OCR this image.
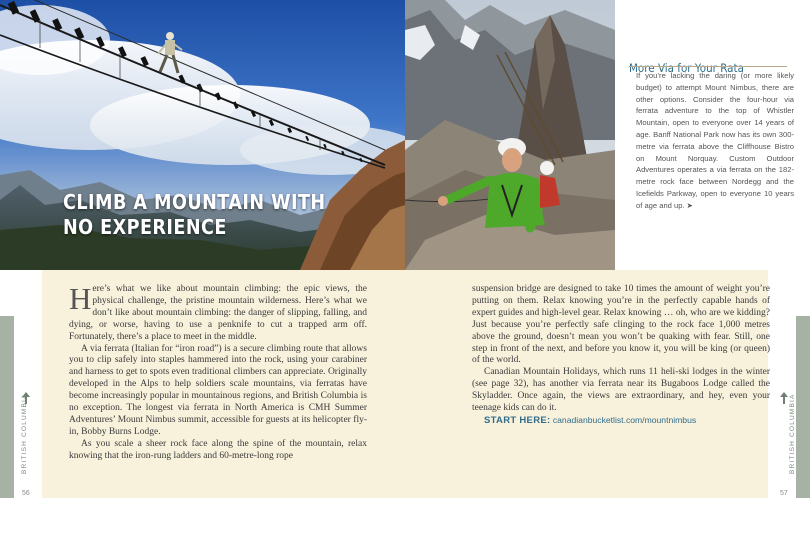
CLIMB A MOUNTAIN WITH
NO EXPERIENCE
More Via for Your Rata

If you’re lacking the daring (or more likely budget) to attempt Mount Nimbus, there are other options. Consider the four-hour via ferrata adventure to the top of Whistler Mountain, open to everyone over 14 years of age. Banff National Park now has its own 300-metre via ferrata above the Cliffhouse Bistro on Mount Norquay. Custom Outdoor Adventures operates a via ferrata on the 182-metre rock face between Nordegg and the Icefields Parkway, open to everyone 10 years of age and up. ➤

Here’s what we like about mountain climbing: the epic views, the physical challenge, the pristine mountain wilderness. Here’s what we don’t like about mountain climbing: the danger of slipping, falling, and dying, or worse, having to use a penknife to cut a trapped arm off. Fortunately, there’s a place to meet in the middle.

A via ferrata (Italian for “iron road”) is a secure climbing route that allows you to clip safely into staples hammered into the rock, using your carabiner and harness to get to spots even traditional climbers can appreciate. Originally developed in the Alps to help soldiers scale mountains, via ferratas have become increasingly popular in mountainous regions, and British Columbia is no exception. The longest via ferrata in North America is CMH Summer Adventures’ Mount Nimbus summit, accessible for guests at its helicopter fly-in, Bobby Burns Lodge.

As you scale a sheer rock face along the spine of the mountain, relax knowing that the iron-rung ladders and 60-metre-long rope

suspension bridge are designed to take 10 times the amount of weight you’re putting on them. Relax knowing you’re in the perfectly capable hands of expert guides and high-level gear. Relax knowing … oh, who are we kidding? Just because you’re perfectly safe clinging to the rock face 1,000 metres above the ground, doesn’t mean you won’t be quaking with fear. Still, one step in front of the next, and before you know it, you will be king (or queen) of the world.

Canadian Mountain Holidays, which runs 11 heli-ski lodges in the winter (see page 32), has another via ferrata near its Bugaboos Lodge called the Skyladder. Once again, the views are extraordinary, and hey, even your teenage kids can do it.

START HERE: canadianbucketlist.com/mountnimbus

BRITISH COLUMBIA	BRITISH COLUMBIA
56	57
